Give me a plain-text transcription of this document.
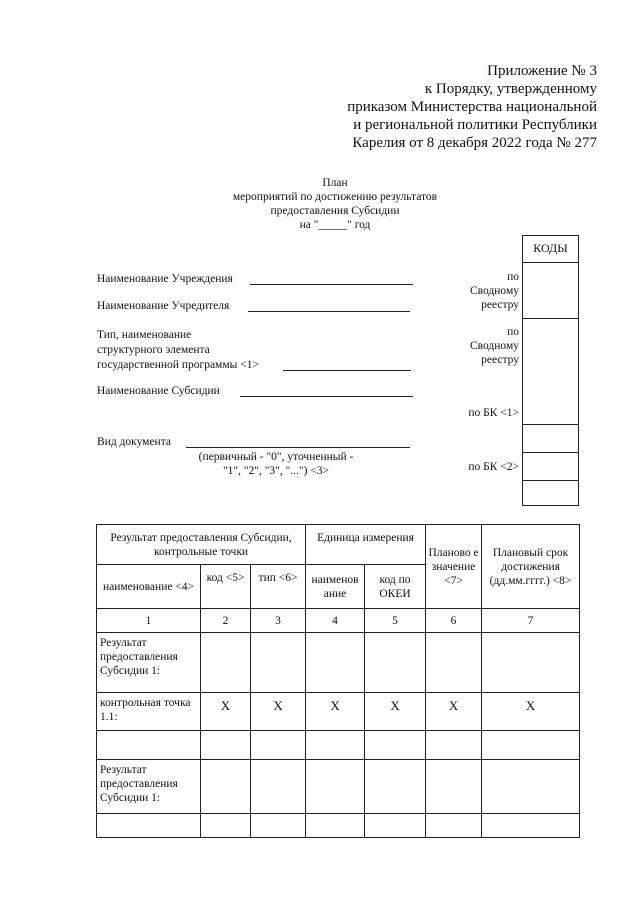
Приложение № 3
к Порядку, утвержденному
приказом Министерства национальной
и региональной политики Республики
Карелия от 8 декабря 2022 года № 277
План
мероприятий по достижению результатов
предоставления Субсидии
на "_____" год
КОДЫ
Наименование Учреждения
Наименование Учредителя
Тип, наименование
структурного элемента
государственной программы <1>
Наименование Субсидии
Вид документа
(первичный - "0", уточненный -
"1", "2", "3", "...") <3>
по
Сводному
реестру
по
Сводному
реестру
по БК <1>
по БК <2>
Результат предоставления Субсидии, контрольные точки			Единица измерения		Планово е значение <7>	Плановый срок достижения (дд.мм.гггг.) <8>
наименование <4>	код <5>	тип <6>	наименов ание	код по ОКЕИ		
1	2	3	4	5	6	7
Результат предоставления Субсидии 1:						
контрольная точка 1.1:	X	X	X	X	X	X

Результат предоставления Субсидии 1:						
